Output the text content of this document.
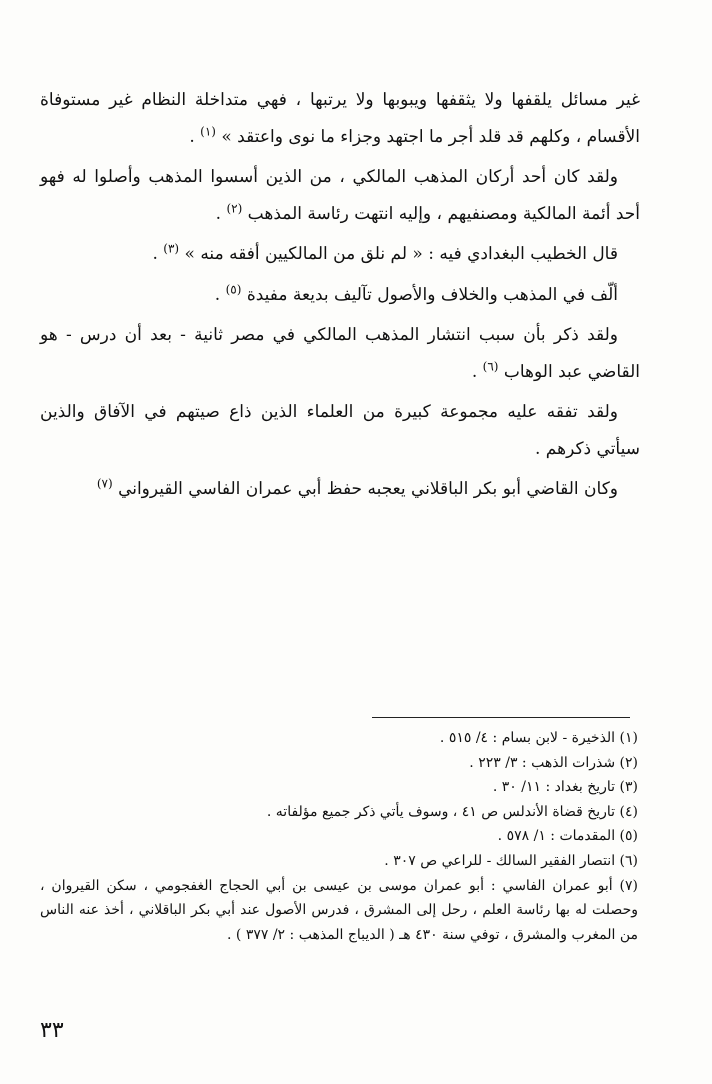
غير مسائل يلقفها ولا يثقفها ويبوبها ولا يرتبها ، فهي متداخلة النظام غير مستوفاة الأقسام ، وكلهم قد قلد أجر ما اجتهد وجزاء ما نوى واعتقد » $^{(١)}$ .

ولقد كان أحد أركان المذهب المالكي ، من الذين أسسوا المذهب وأصلوا له فهو أحد أئمة المالكية ومصنفيهم ، وإليه انتهت رئاسة المذهب $^{(٢)}$ .

قال الخطيب البغدادي فيه : « لم نلق من المالكيين أفقه منه » $^{(٣)}$ .

ألّف في المذهب والخلاف والأصول تآليف بديعة مفيدة $^{(٥)}$ .

ولقد ذكر بأن سبب انتشار المذهب المالكي في مصر ثانية - بعد أن درس - هو القاضي عبد الوهاب $^{(٦)}$ .

ولقد تفقه عليه مجموعة كبيرة من العلماء الذين ذاع صيتهم في الآفاق والذين سيأتي ذكرهم .

وكان القاضي أبو بكر الباقلاني يعجبه حفظ أبي عمران الفاسي القيرواني $^{(٧)}$

(١) الذخيرة - لابن بسام : ٤/ ٥١٥ .

(٢) شذرات الذهب : ٣/ ٢٢٣ .

(٣) تاريخ بغداد : ١١/ ٣٠ .

(٤) تاريخ قضاة الأندلس ص ٤١ ، وسوف يأتي ذكر جميع مؤلفاته .

(٥) المقدمات : ١/ ٥٧٨ .

(٦) انتصار الفقير السالك - للراعي ص ٣٠٧ .

(٧) أبو عمران الفاسي : أبو عمران موسى بن عيسى بن أبي الحجاج الغفجومي ، سكن القيروان ، وحصلت له بها رئاسة العلم ، رحل إلى المشرق ، فدرس الأصول عند أبي بكر الباقلاني ، أخذ عنه الناس من المغرب والمشرق ، توفي سنة ٤٣٠ هـ ( الديباج المذهب : ٢/ ٣٧٧ ) .

٣٣
